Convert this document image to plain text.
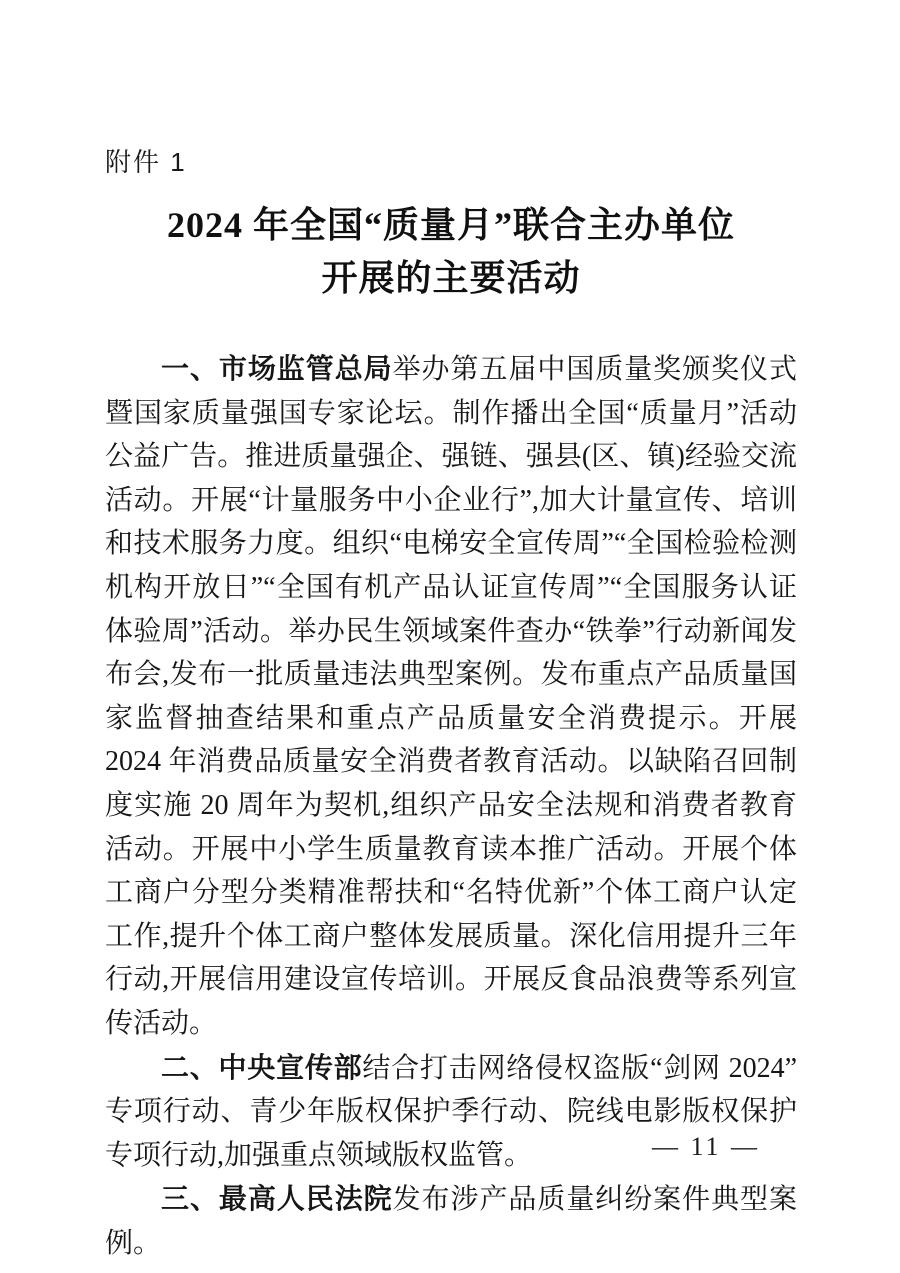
附件 1
2024 年全国“质量月”联合主办单位
开展的主要活动

一、市场监管总局举办第五届中国质量奖颁奖仪式暨国家质量强国专家论坛。制作播出全国“质量月”活动公益广告。推进质量强企、强链、强县(区、镇)经验交流活动。开展“计量服务中小企业行”,加大计量宣传、培训和技术服务力度。组织“电梯安全宣传周”“全国检验检测机构开放日”“全国有机产品认证宣传周”“全国服务认证体验周”活动。举办民生领域案件查办“铁拳”行动新闻发布会,发布一批质量违法典型案例。发布重点产品质量国家监督抽查结果和重点产品质量安全消费提示。开展 2024 年消费品质量安全消费者教育活动。以缺陷召回制度实施 20 周年为契机,组织产品安全法规和消费者教育活动。开展中小学生质量教育读本推广活动。开展个体工商户分型分类精准帮扶和“名特优新”个体工商户认定工作,提升个体工商户整体发展质量。深化信用提升三年行动,开展信用建设宣传培训。开展反食品浪费等系列宣传活动。

二、中央宣传部结合打击网络侵权盗版“剑网 2024”专项行动、青少年版权保护季行动、院线电影版权保护专项行动,加强重点领域版权监管。

三、最高人民法院发布涉产品质量纠纷案件典型案例。

— 11 —
